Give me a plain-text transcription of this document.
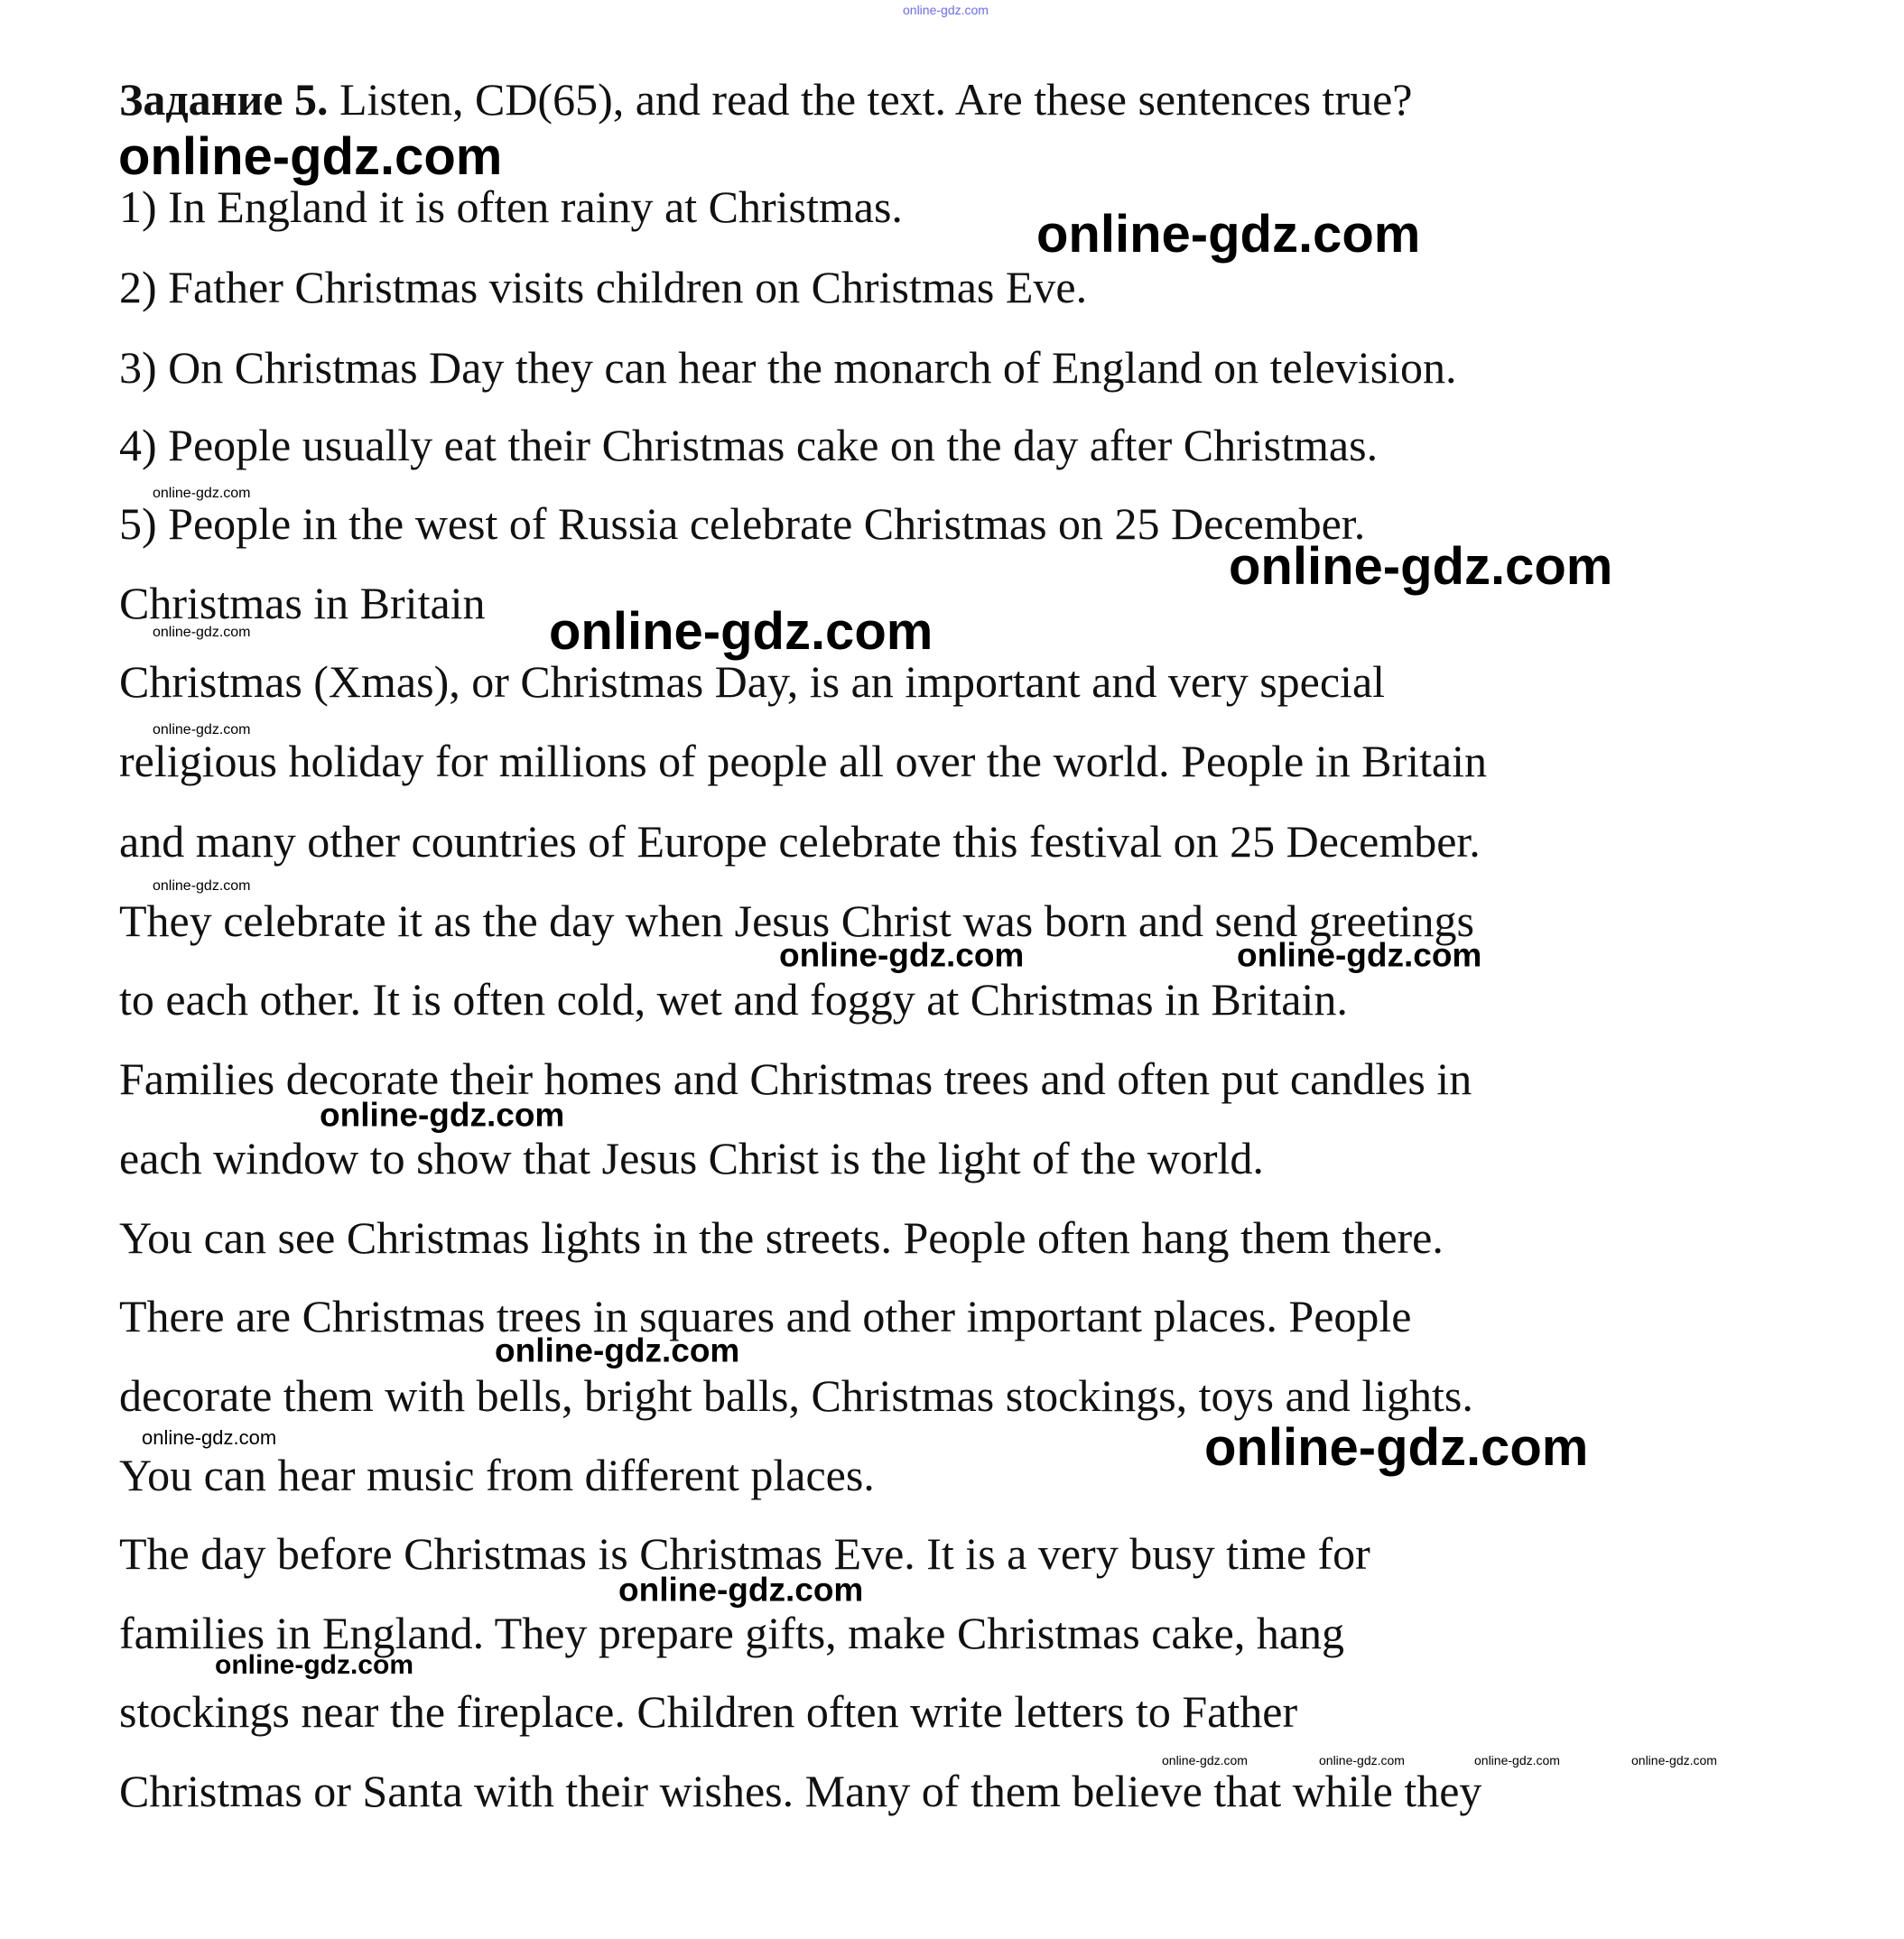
Задание 5. Listen, CD(65), and read the text. Are these sentences true?
1) In England it is often rainy at Christmas.
2) Father Christmas visits children on Christmas Eve.
3) On Christmas Day they can hear the monarch of England on television.
4) People usually eat their Christmas cake on the day after Christmas.
5) People in the west of Russia celebrate Christmas on 25 December.
Christmas in Britain
Christmas (Xmas), or Christmas Day, is an important and very special
religious holiday for millions of people all over the world. People in Britain
and many other countries of Europe celebrate this festival on 25 December.
They celebrate it as the day when Jesus Christ was born and send greetings
to each other. It is often cold, wet and foggy at Christmas in Britain.
Families decorate their homes and Christmas trees and often put candles in
each window to show that Jesus Christ is the light of the world.
You can see Christmas lights in the streets. People often hang them there.
There are Christmas trees in squares and other important places. People
decorate them with bells, bright balls, Christmas stockings, toys and lights.
You can hear music from different places.
The day before Christmas is Christmas Eve. It is a very busy time for
families in England. They prepare gifts, make Christmas cake, hang
stockings near the fireplace. Children often write letters to Father
Christmas or Santa with their wishes. Many of them believe that while they
online-gdz.com
online-gdz.com
online-gdz.com
online-gdz.com
online-gdz.com
online-gdz.com	online-gdz.com
online-gdz.com
online-gdz.com
online-gdz.com	online-gdz.com
online-gdz.com
online-gdz.com
online-gdz.com	online-gdz.com
online-gdz.com
online-gdz.com
online-gdz.com	online-gdz.com	online-gdz.com	online-gdz.com
